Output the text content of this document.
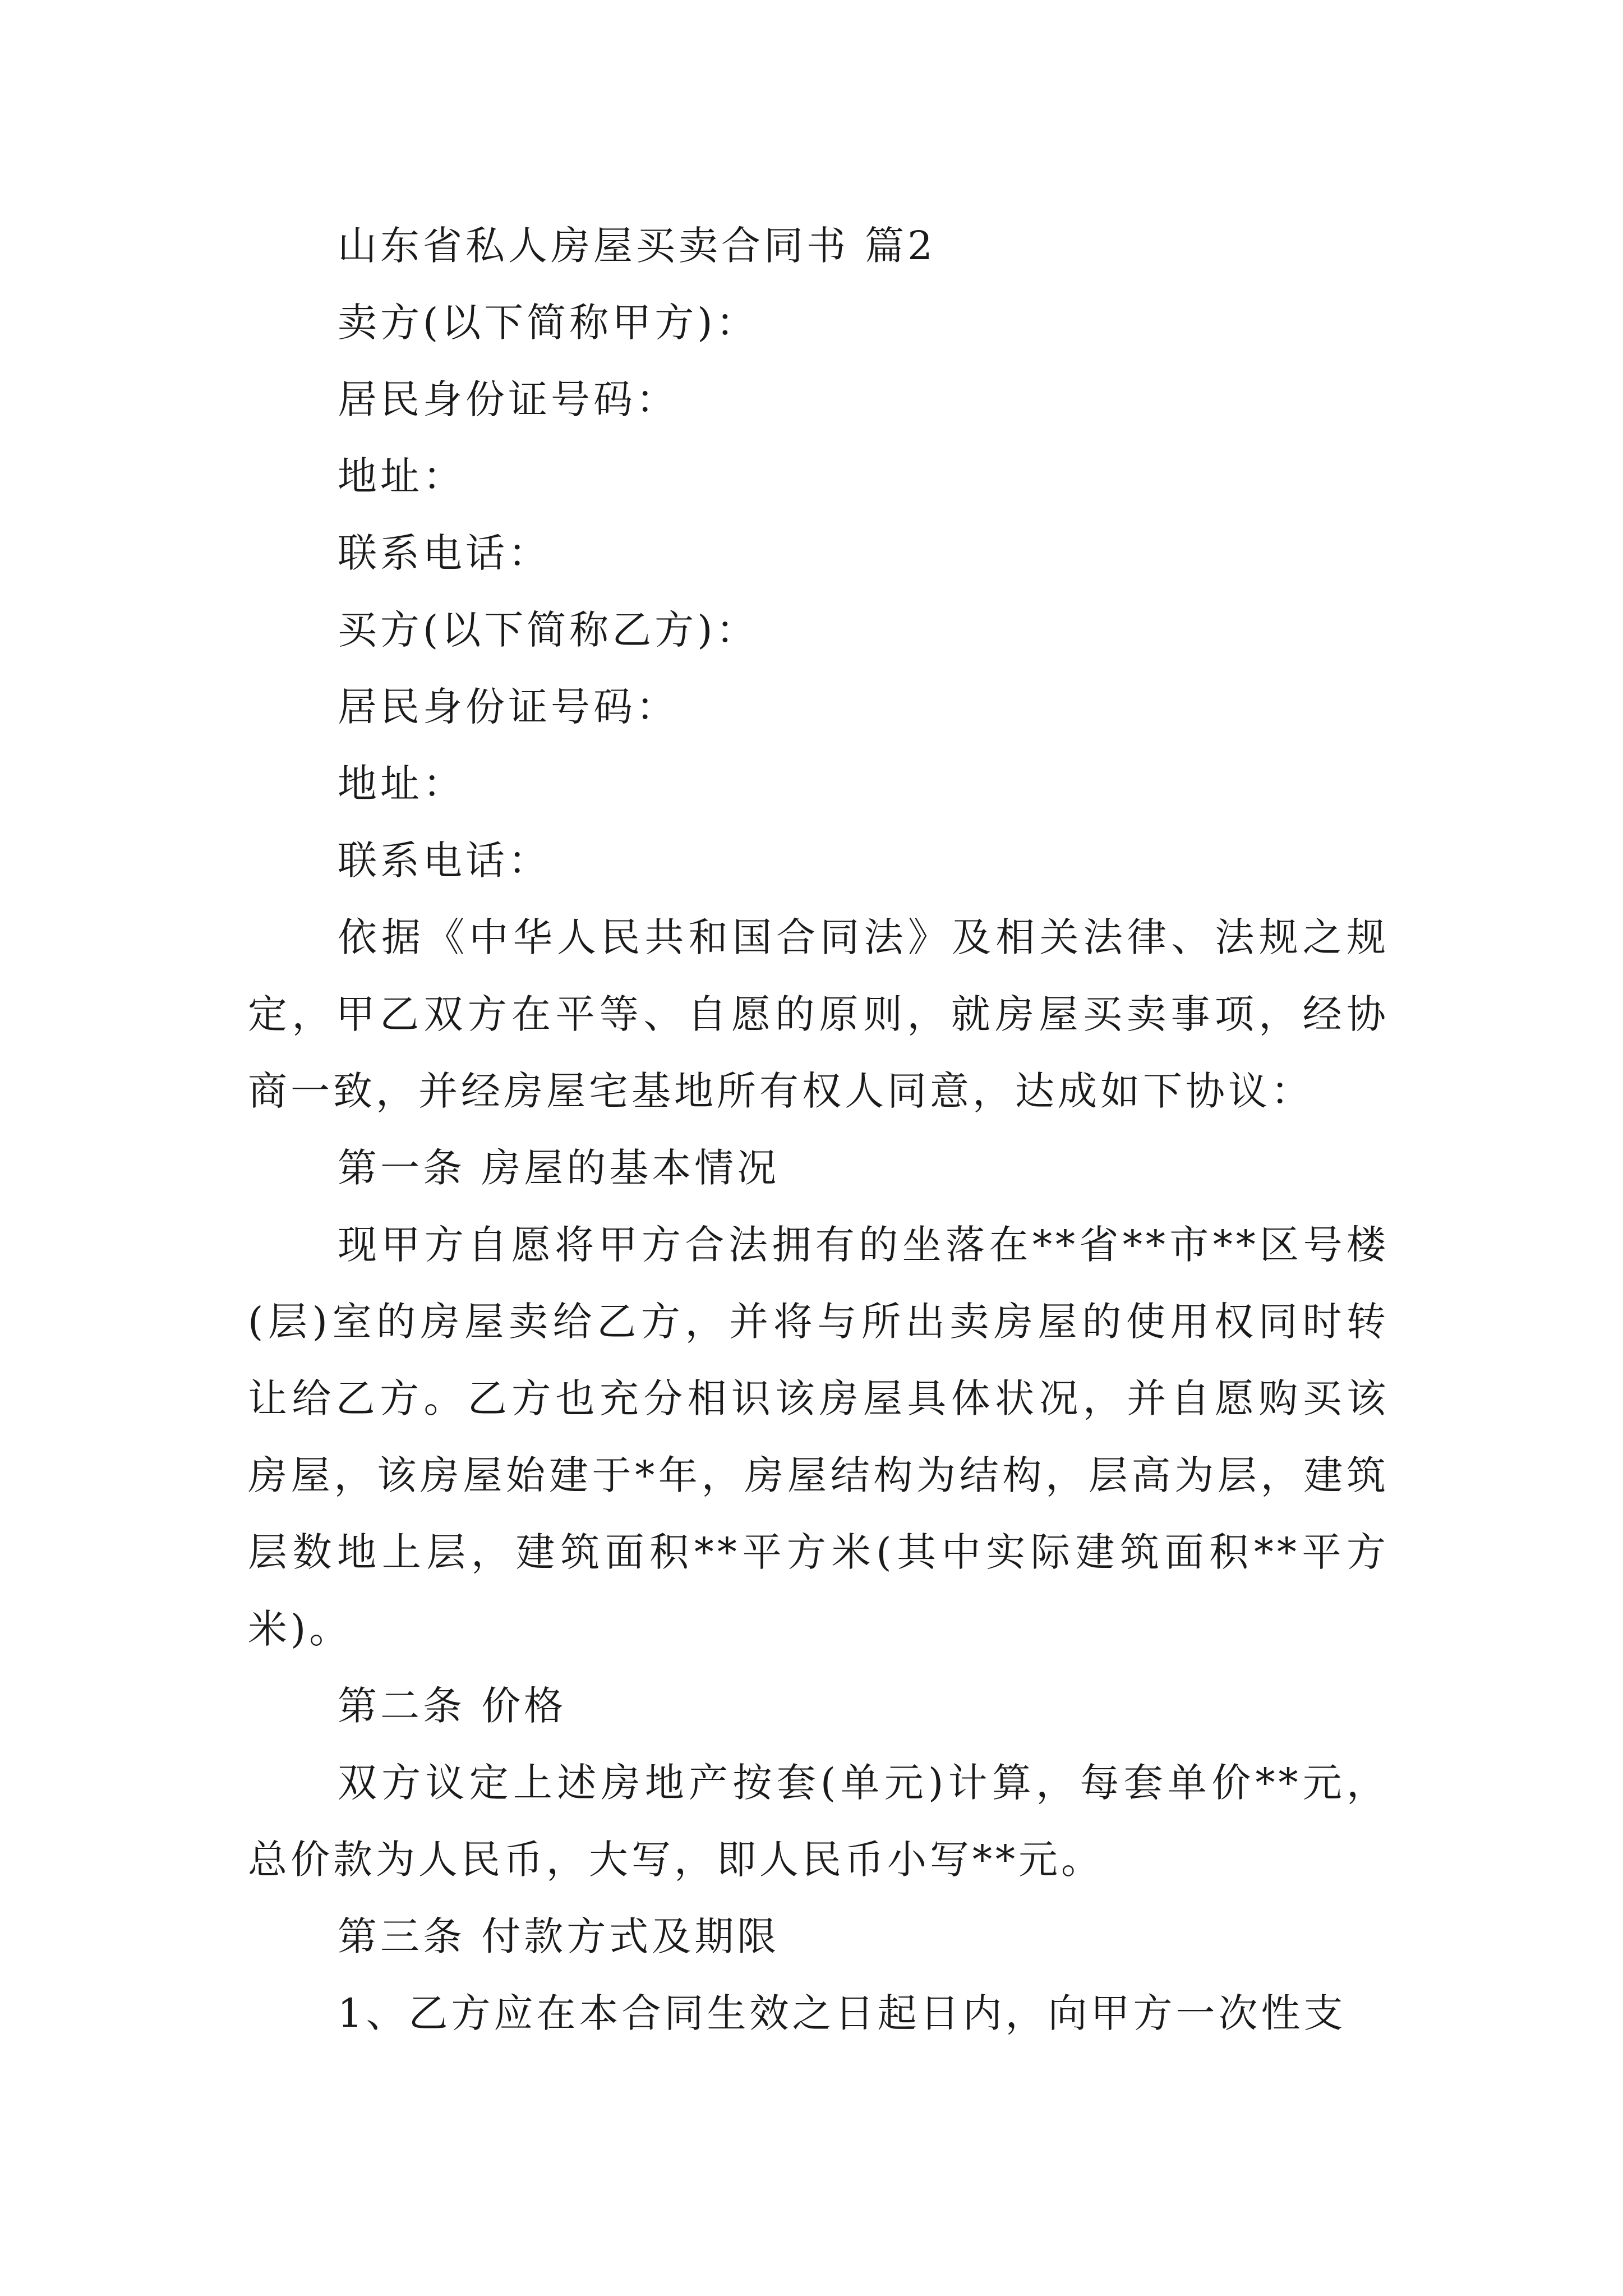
山东省私人房屋买卖合同书 篇2
卖方(以下简称甲方)：
居民身份证号码：
地址：
联系电话：
买方(以下简称乙方)：
居民身份证号码：
地址：
联系电话：

依据《中华人民共和国合同法》及相关法律、法规之规定，甲乙双方在平等、自愿的原则，就房屋买卖事项，经协商一致，并经房屋宅基地所有权人同意，达成如下协议：

第一条 房屋的基本情况

现甲方自愿将甲方合法拥有的坐落在**省**市**区号楼(层)室的房屋卖给乙方，并将与所出卖房屋的使用权同时转让给乙方。乙方也充分相识该房屋具体状况，并自愿购买该房屋，该房屋始建于*年，房屋结构为结构，层高为层，建筑层数地上层，建筑面积**平方米(其中实际建筑面积**平方米)。

第二条 价格

双方议定上述房地产按套(单元)计算，每套单价**元，总价款为人民币，大写，即人民币小写**元。

第三条 付款方式及期限
1、乙方应在本合同生效之日起日内，向甲方一次性支
